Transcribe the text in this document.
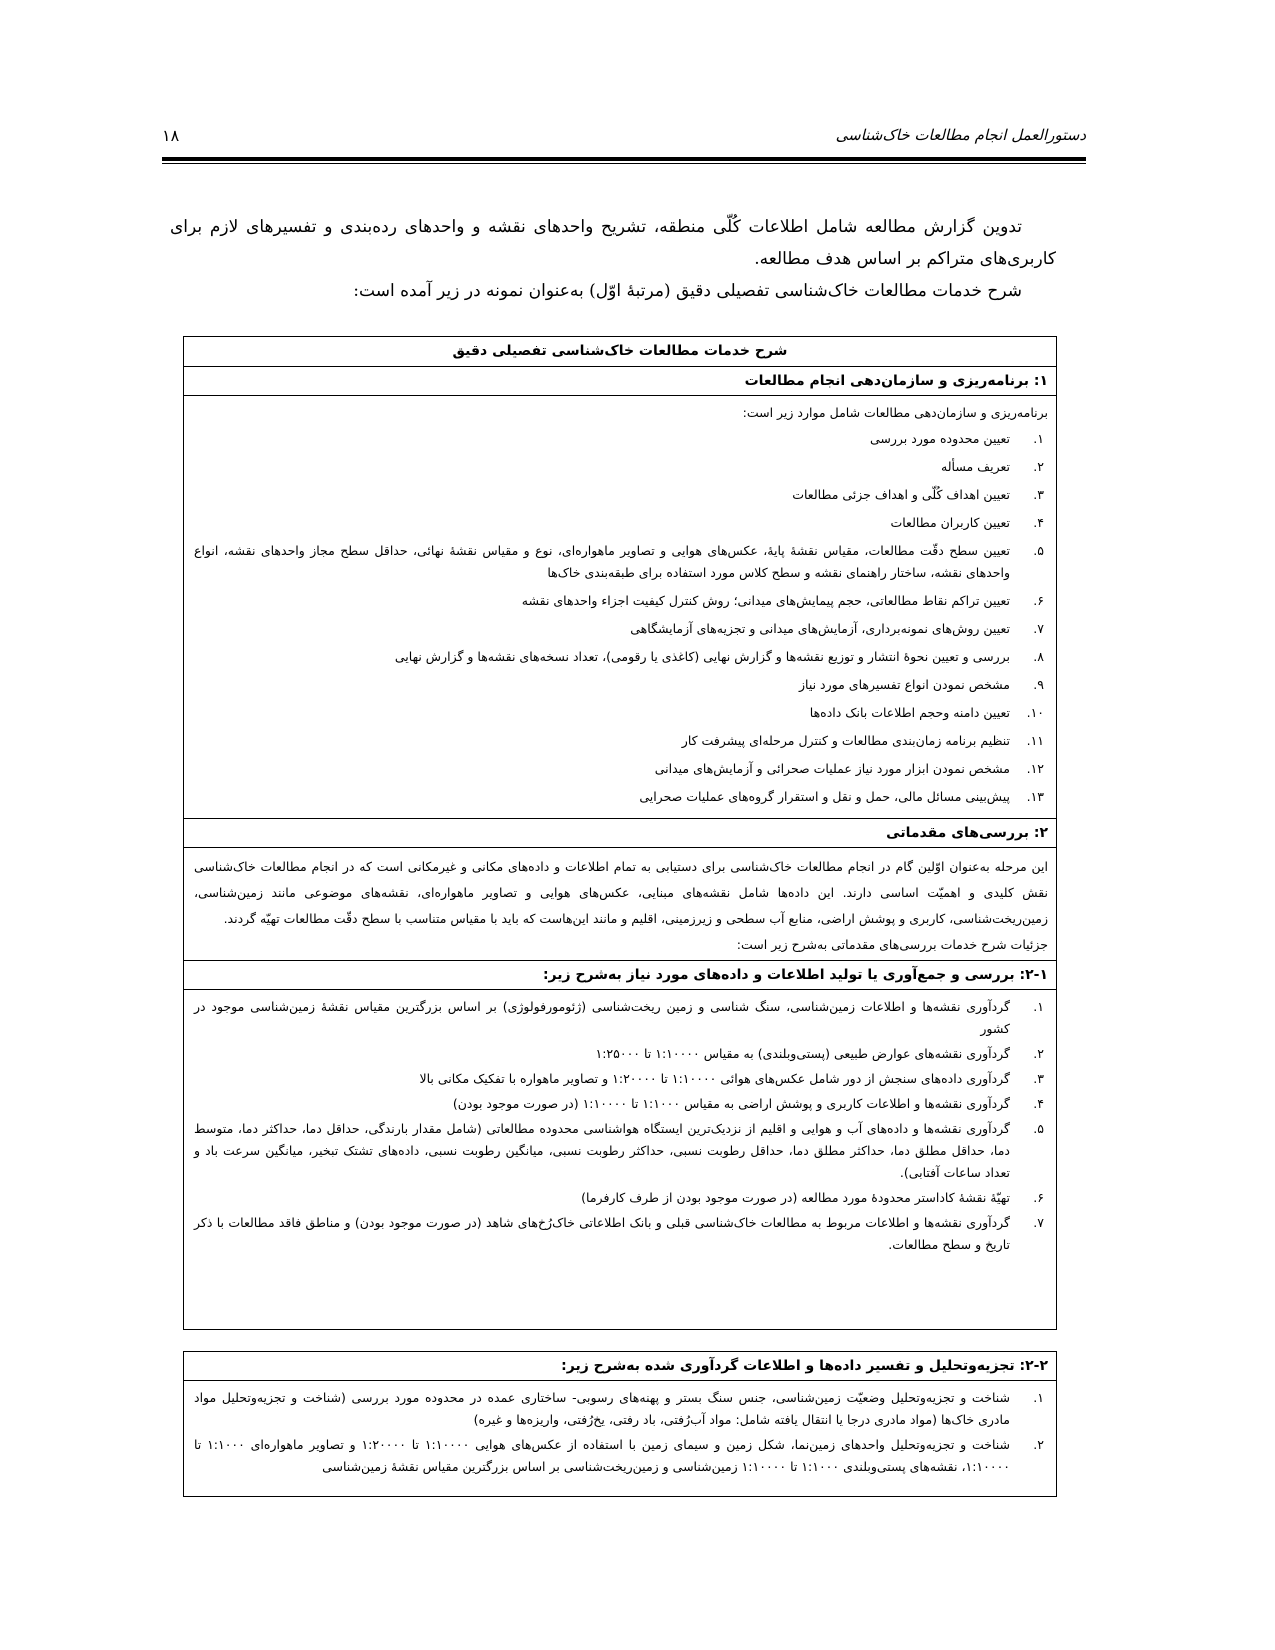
دستورالعمل انجام مطالعات خاک‌شناسی
۱۸

تدوین گزارش مطالعه شامل اطلاعات کُلّی منطقه، تشریح واحدهای نقشه و واحدهای رده‌بندی و تفسیرهای لازم برای کاربری‌های متراکم بر اساس هدف مطالعه.

شرح خدمات مطالعات خاک‌شناسی تفصیلی دقیق (مرتبهٔ اوّل) به‌عنوان نمونه در زیر آمده است:

شرح خدمات مطالعات خاک‌شناسی تفصیلی دقیق
۱: برنامه‌ریزی و سازمان‌دهی انجام مطالعات

برنامه‌ریزی و سازمان‌دهی مطالعات شامل موارد زیر است:

۱.
تعیین محدوده مورد بررسی
۲.
تعریف مسأله
۳.
تعیین اهداف کُلّی و اهداف جزئی مطالعات
۴.
تعیین کاربران مطالعات
۵.
تعیین سطح دقّت مطالعات، مقیاس نقشهٔ پایهٔ، عکس‌های هوایی و تصاویر ماهواره‌ای، نوع و مقیاس نقشهٔ نهائی، حداقل سطح مجاز واحدهای نقشه، انواع واحدهای نقشه، ساختار راهنمای نقشه و سطح کلاس مورد استفاده برای طبقه‌بندی خاک‌ها
۶.
تعیین تراکم نقاط مطالعاتی، حجم پیمایش‌های میدانی؛ روش کنترل کیفیت اجزاء واحدهای نقشه
۷.
تعیین روش‌های نمونه‌برداری، آزمایش‌های میدانی و تجزیه‌های آزمایشگاهی
۸.
بررسی و تعیین نحوهٔ انتشار و توزیع نقشه‌ها و گزارش نهایی (کاغذی یا رقومی)، تعداد نسخه‌های نقشه‌ها و گزارش نهایی
۹.
مشخص نمودن انواع تفسیرهای مورد نیاز
۱۰.
تعیین دامنه وحجم اطلاعات بانک داده‌ها
۱۱.
تنظیم برنامه زمان‌بندی مطالعات و کنترل مرحله‌ای پیشرفت کار
۱۲.
مشخص نمودن ابزار مورد نیاز عملیات صحرائی و آزمایش‌های میدانی
۱۳.
پیش‌بینی مسائل مالی، حمل و نقل و استقرار گروه‌های عملیات صحرایی
۲: بررسی‌های مقدماتی

این مرحله به‌عنوان اوّلین گام در انجام مطالعات خاک‌شناسی برای دستیابی به تمام اطلاعات و داده‌های مکانی و غیرمکانی است که در انجام مطالعات خاک‌شناسی نقش کلیدی و اهمیّت اساسی دارند. این داده‌ها شامل نقشه‌های مبنایی، عکس‌های هوایی و تصاویر ماهواره‌ای، نقشه‌های موضوعی مانند زمین‌شناسی، زمین‌ریخت‌شناسی، کاربری و پوشش اراضی، منابع آب سطحی و زیرزمینی، اقلیم و مانند این‌هاست که باید با مقیاس متناسب با سطح دقّت مطالعات تهیّه گردند.

جزئیات شرح خدمات بررسی‌های مقدماتی به‌شرح زیر است:

۲-۱: بررسی و جمع‌آوری یا تولید اطلاعات و داده‌های مورد نیاز به‌شرح زیر:
۱.
گردآوری نقشه‌ها و اطلاعات زمین‌شناسی، سنگ شناسی و زمین ریخت‌شناسی (ژئومورفولوژی) بر اساس بزرگترین مقیاس نقشهٔ زمین‌شناسی موجود در کشور
۲.
گردآوری نقشه‌های عوارض طبیعی (پستی‌وبلندی) به مقیاس ۱:۱۰۰۰۰ تا ۱:۲۵۰۰۰
۳.
گردآوری داده‌های سنجش از دور شامل عکس‌های هوائی ۱:۱۰۰۰۰ تا ۱:۲۰۰۰۰ و تصاویر ماهواره با تفکیک مکانی بالا
۴.
گردآوری نقشه‌ها و اطلاعات کاربری و پوشش اراضی به مقیاس ۱:۱۰۰۰ تا ۱:۱۰۰۰۰ (در صورت موجود بودن)
۵.
گردآوری نقشه‌ها و داده‌های آب و هوایی و اقلیم از نزدیک‌ترین ایستگاه هواشناسی محدوده مطالعاتی (شامل مقدار بارندگی، حداقل دما، حداکثر دما، متوسط دما، حداقل مطلق دما، حداکثر مطلق دما، حداقل رطوبت نسبی، حداکثر رطوبت نسبی، میانگین رطوبت نسبی، داده‌های تشتک تبخیر، میانگین سرعت باد و تعداد ساعات آفتابی).
۶.
تهیّهٔ نقشهٔ کاداستر محدودهٔ مورد مطالعه (در صورت موجود بودن از طرف کارفرما)
۷.
گردآوری نقشه‌ها و اطلاعات مربوط به مطالعات خاک‌شناسی قبلی و بانک اطلاعاتی خاک‌رُخ‌های شاهد (در صورت موجود بودن) و مناطق فاقد مطالعات با ذکر تاریخ و سطح مطالعات.
۲-۲: تجزیه‌وتحلیل و تفسیر داده‌ها و اطلاعات گردآوری شده به‌شرح زیر:
۱.
شناخت و تجزیه‌وتحلیل وضعیّت زمین‌شناسی، جنس سنگ بستر و پهنه‌های رسوبی- ساختاری عمده در محدوده مورد بررسی (شناخت و تجزیه‌وتحلیل مواد مادری خاک‌ها (مواد مادری درجا یا انتقال یافته شامل: مواد آب‌رُفتی، باد رفتی، یخ‌رُفتی، واریزه‌ها و غیره)
۲.
شناخت و تجزیه‌وتحلیل واحدهای زمین‌نما، شکل زمین و سیمای زمین با استفاده از عکس‌های هوایی ۱:۱۰۰۰۰ تا ۱:۲۰۰۰۰ و تصاویر ماهواره‌ای ۱:۱۰۰۰ تا ۱:۱۰۰۰۰، نقشه‌های پستی‌وبلندی ۱:۱۰۰۰ تا ۱:۱۰۰۰۰ زمین‌شناسی و زمین‌ریخت‌شناسی بر اساس بزرگترین مقیاس نقشهٔ زمین‌شناسی
